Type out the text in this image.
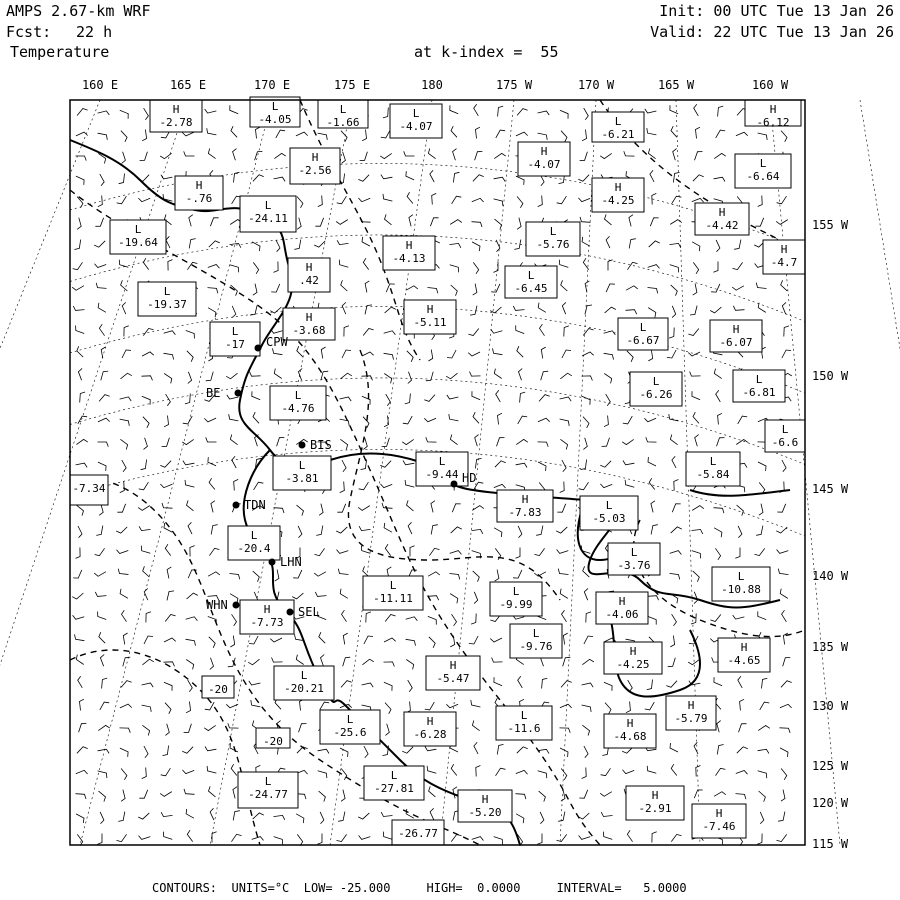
AMPS 2.67-km WRF
Fcst: 22 h
Temperature	at k-index =  55
Init: 00 UTC Tue 13 Jan 26
Valid: 22 UTC Tue 13 Jan 26
H
-2.78
L
-4.05
L
-1.66
L
-4.07	L
-6.21
H
-6.12
H
-2.56
H
-4.07	L
-6.64
H
-.76
L
-24.11
H
-4.25
H
-4.42
L
-19.64	H
-4.13
L
-5.76	H
-4.7
H
.42	L
-6.45
L
-19.37	H
-5.11
H
-3.68
L
-17
L
-6.67
H
-6.07
L
-6.26
L
-6.81
L
-4.76
L
-6.6
L
-3.81
L
-9.44
L
-5.84
-7.34
H
-7.83
L
-5.03
L
-20.4	L
-3.76
L
-11.11
L
-9.99
L
-10.88
H
-4.06
H
-7.73
L
-9.76	H
-4.25
H
-4.65
H
-5.47
-20
L
-20.21
H
-5.79
L
-25.6
H
-6.28
L
-11.6	H
-4.68
-20
L
-24.77
L
-27.81
H
-5.20
H
-2.91	H
-7.46
-26.77
CPW
BIS
HD
TDN
LHN
WHN	SEL
BE
160 E	165 E	170 E	175 E	180	175 W	170 W	165 W	160 W
155 W
150 W
145 W
140 W
135 W
130 W
125 W
120 W
115 W
CONTOURS:  UNITS=°C  LOW= -25.000     HIGH=  0.0000     INTERVAL=   5.0000
